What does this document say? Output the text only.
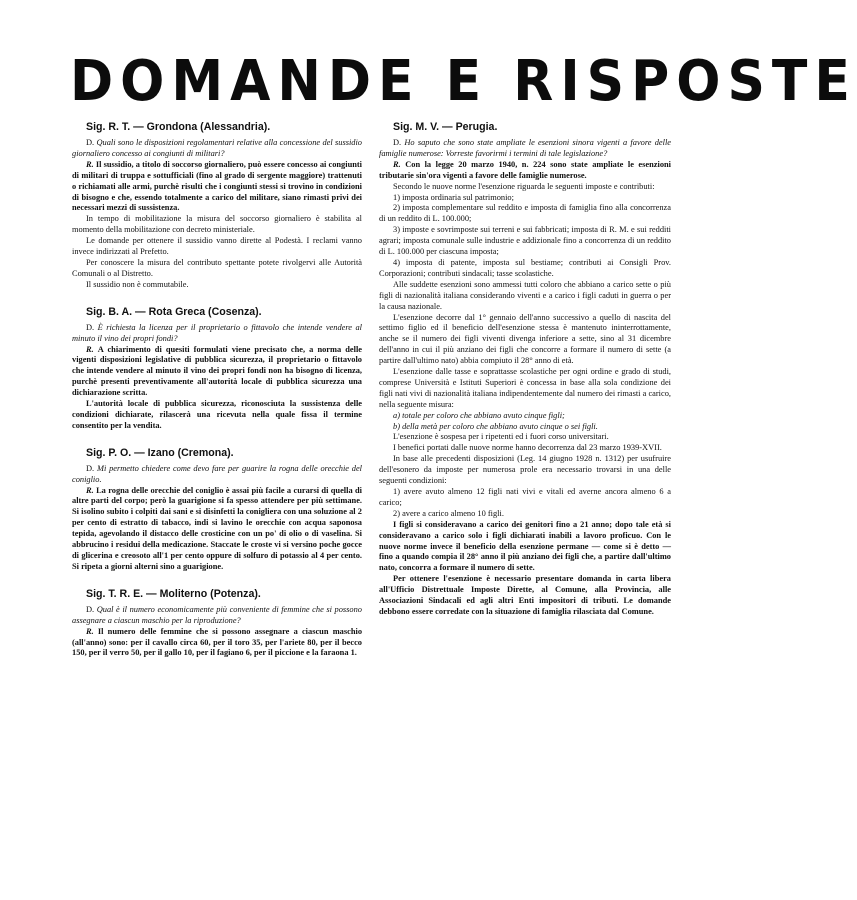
DOMANDE E RISPOSTE
Sig. R. T. — Grondona (Alessandria).

D. Quali sono le disposizioni regolamentari relative alla concessione del sussidio giornaliero concesso ai congiunti di militari?

R. Il sussidio, a titolo di soccorso giornaliero, può essere concesso ai congiunti di militari di truppa e sottufficiali (fino al grado di sergente maggiore) trattenuti o richiamati alle armi, purchè risulti che i congiunti stessi si trovino in condizioni di bisogno e che, essendo totalmente a carico del militare, siano rimasti privi dei necessari mezzi di sussistenza.

In tempo di mobilitazione la misura del soccorso giornaliero è stabilita al momento della mobilitazione con decreto ministeriale.
Le domande per ottenere il sussidio vanno dirette al Podestà. I reclami vanno invece indirizzati al Prefetto.
Per conoscere la misura del contributo spettante potete rivolgervi alle Autorità Comunali o al Distretto.
Il sussidio non è commutabile.
Sig. B. A. — Rota Greca (Cosenza).

D. È richiesta la licenza per il proprietario o fittavolo che intende vendere al minuto il vino dei propri fondi?

R. A chiarimento di quesiti formulati viene precisato che, a norma delle vigenti disposizioni legislative di pubblica sicurezza, il proprietario o fittavolo che intende vendere al minuto il vino dei propri fondi non ha bisogno di licenza, purchè presenti preventivamente all'autorità locale di pubblica sicurezza una dichiarazione scritta.

L'autorità locale di pubblica sicurezza, riconosciuta la sussistenza delle condizioni dichiarate, rilascerà una ricevuta nella quale fissa il termine consentito per la vendita.
Sig. P. O. — Izano (Cremona).

D. Mi permetto chiedere come devo fare per guarire la rogna delle orecchie del coniglio.

R. La rogna delle orecchie del coniglio è assai più facile a curarsi di quella di altre parti del corpo; però la guarigione si fa spesso attendere per più settimane. Si isolino subito i colpiti dai sani e si disinfetti la conigliera con una soluzione al 2 per cento di estratto di tabacco, indi si lavino le orecchie con acqua saponosa tepida, agevolando il distacco delle crosticine con un po' di olio o di vaselina. Si abbrucino i residui della medicazione. Staccate le croste vi si versino poche gocce di glicerina e creosoto all'1 per cento oppure di solfuro di potassio al 4 per cento. Si ripeta a giorni alterni sino a guarigione.

Sig. T. R. E. — Moliterno (Potenza).

D. Qual è il numero economicamente più conveniente di femmine che si possono assegnare a ciascun maschio per la riproduzione?

R. Il numero delle femmine che si possono assegnare a ciascun maschio (all'anno) sono: per il cavallo circa 60, per il toro 35, per l'ariete 80, per il becco 150, per il verro 50, per il gallo 10, per il fagiano 6, per il piccione e la faraona 1.

Sig. M. V. — Perugia.

D. Ho saputo che sono state ampliate le esenzioni sinora vigenti a favore delle famiglie numerose: Vorreste favorirmi i termini di tale legislazione?

R. Con la legge 20 marzo 1940, n. 224 sono state ampliate le esenzioni tributarie sin'ora vigenti a favore delle famiglie numerose.

Secondo le nuove norme l'esenzione riguarda le seguenti imposte e contributi:
1) imposta ordinaria sul patrimonio;
2) imposta complementare sul reddito e imposta di famiglia fino alla concorrenza di un reddito di L. 100.000;
3) imposte e sovrimposte sui terreni e sui fabbricati; imposta di R. M. e sui redditi agrari; imposta comunale sulle industrie e addizionale fino a concorrenza di un reddito di L. 100.000 per ciascuna imposta;
4) imposta di patente, imposta sul bestiame; contributi ai Consigli Prov. Corporazioni; contributi sindacali; tasse scolastiche.
Alle suddette esenzioni sono ammessi tutti coloro che abbiano a carico sette o più figli di nazionalità italiana considerando viventi e a carico i figli caduti in guerra o per la causa nazionale.
L'esenzione decorre dal 1° gennaio dell'anno successivo a quello di nascita del settimo figlio ed il beneficio dell'esenzione stessa è mantenuto ininterrottamente, anche se il numero dei figli viventi divenga inferiore a sette, sino al 31 dicembre dell'anno in cui il più anziano dei figli che concorre a formare il numero di sette (a partire dall'ultimo nato) abbia compiuto il 28° anno di età.
L'esenzione dalle tasse e soprattasse scolastiche per ogni ordine e grado di studi, comprese Università e Istituti Superiori è concessa in base alla sola condizione dei figli nati vivi di nazionalità italiana indipendentemente dal numero dei rimasti a carico, nella seguente misura:
a) totale per coloro che abbiano avuto cinque figli;
b) della metà per coloro che abbiano avuto cinque o sei figli.
L'esenzione è sospesa per i ripetenti ed i fuori corso universitari.
I benefici portati dalle nuove norme hanno decorrenza dal 23 marzo 1939-XVII.
In base alle precedenti disposizioni (Leg. 14 giugno 1928 n. 1312) per usufruire dell'esonero da imposte per numerosa prole era necessario trovarsi in una delle seguenti condizioni:
1) avere avuto almeno 12 figli nati vivi e vitali ed averne ancora almeno 6 a carico;
2) avere a carico almeno 10 figli.
I figli si consideravano a carico dei genitori fino a 21 anno; dopo tale età si consideravano a carico solo i figli dichiarati inabili a lavoro proficuo. Con le nuove norme invece il beneficio della esenzione permane — come si è detto — fino a quando compia il 28° anno il più anziano dei figli che, a partire dall'ultimo nato, concorra a formare il numero di sette.
Per ottenere l'esenzione è necessario presentare domanda in carta libera all'Ufficio Distrettuale Imposte Dirette, al Comune, alla Provincia, alle Associazioni Sindacali ed agli altri Enti impositori di tributi. Le domande debbono essere corredate con la situazione di famiglia rilasciata dal Comune.
